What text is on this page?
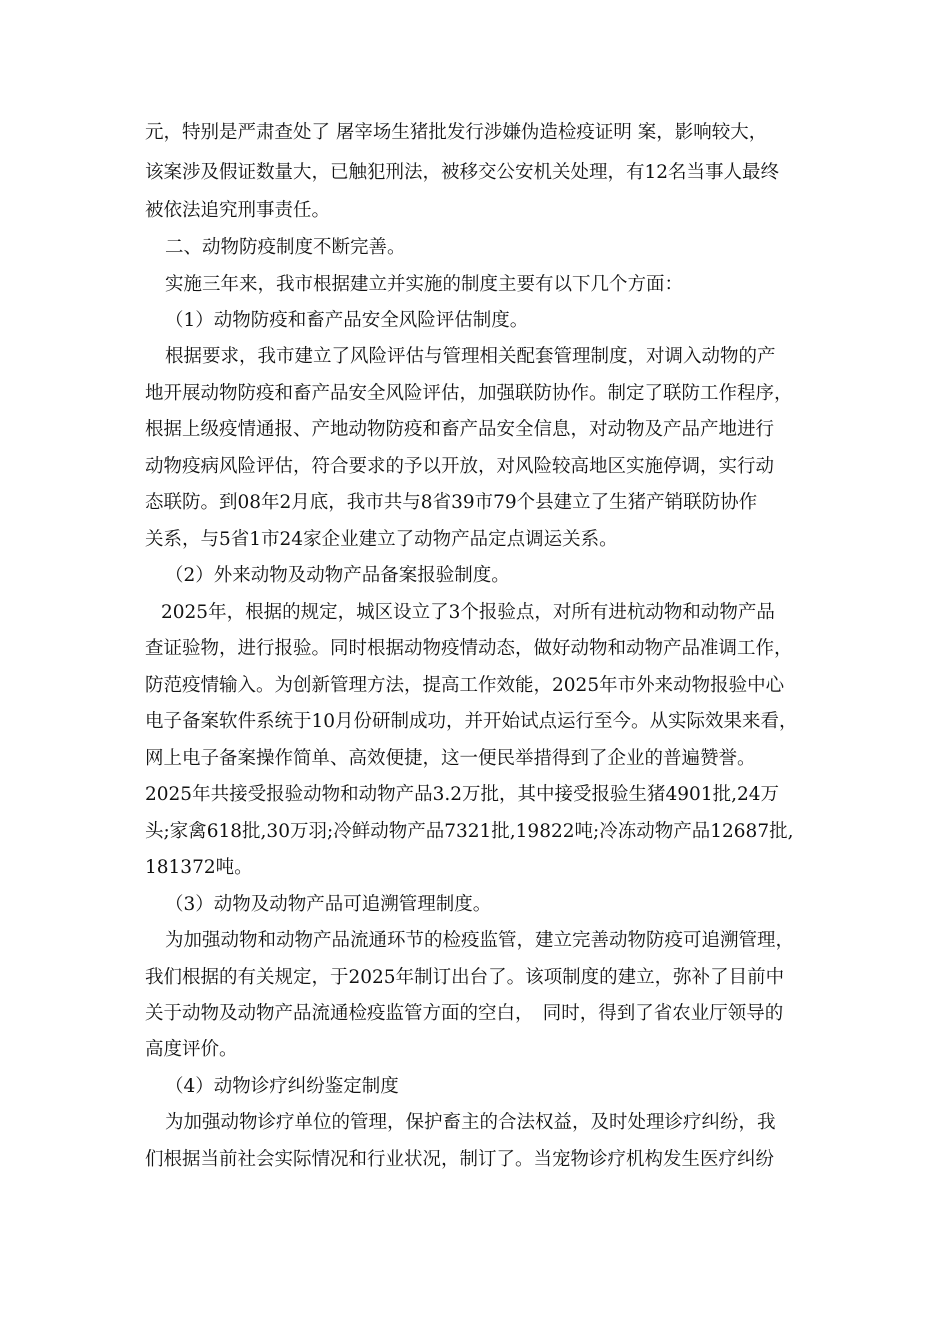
元，特别是严肃查处了 屠宰场生猪批发行涉嫌伪造检疫证明 案，影响较大，
该案涉及假证数量大，已触犯刑法，被移交公安机关处理，有12名当事人最终
被依法追究刑事责任。
二、动物防疫制度不断完善。
实施三年来，我市根据建立并实施的制度主要有以下几个方面：
（1）动物防疫和畜产品安全风险评估制度。
根据要求，我市建立了风险评估与管理相关配套管理制度，对调入动物的产
地开展动物防疫和畜产品安全风险评估，加强联防协作。制定了联防工作程序，
根据上级疫情通报、产地动物防疫和畜产品安全信息，对动物及产品产地进行
动物疫病风险评估，符合要求的予以开放，对风险较高地区实施停调，实行动
态联防。到08年2月底，我市共与8省39市79个县建立了生猪产销联防协作
关系，与5省1市24家企业建立了动物产品定点调运关系。
（2）外来动物及动物产品备案报验制度。
2025年，根据的规定，城区设立了3个报验点，对所有进杭动物和动物产品
查证验物，进行报验。同时根据动物疫情动态，做好动物和动物产品准调工作，
防范疫情输入。为创新管理方法，提高工作效能，2025年市外来动物报验中心
电子备案软件系统于10月份研制成功，并开始试点运行至今。从实际效果来看，
网上电子备案操作简单、高效便捷，这一便民举措得到了企业的普遍赞誉。
2025年共接受报验动物和动物产品3.2万批，其中接受报验生猪4901批,24万
头;家禽618批,30万羽;冷鲜动物产品7321批,19822吨;冷冻动物产品12687批,
181372吨。
（3）动物及动物产品可追溯管理制度。
为加强动物和动物产品流通环节的检疫监管，建立完善动物防疫可追溯管理，
我们根据的有关规定，于2025年制订出台了。该项制度的建立，弥补了目前中
关于动物及动物产品流通检疫监管方面的空白，　同时，得到了省农业厅领导的
高度评价。
（4）动物诊疗纠纷鉴定制度
为加强动物诊疗单位的管理，保护畜主的合法权益，及时处理诊疗纠纷，我
们根据当前社会实际情况和行业状况，制订了。当宠物诊疗机构发生医疗纠纷
